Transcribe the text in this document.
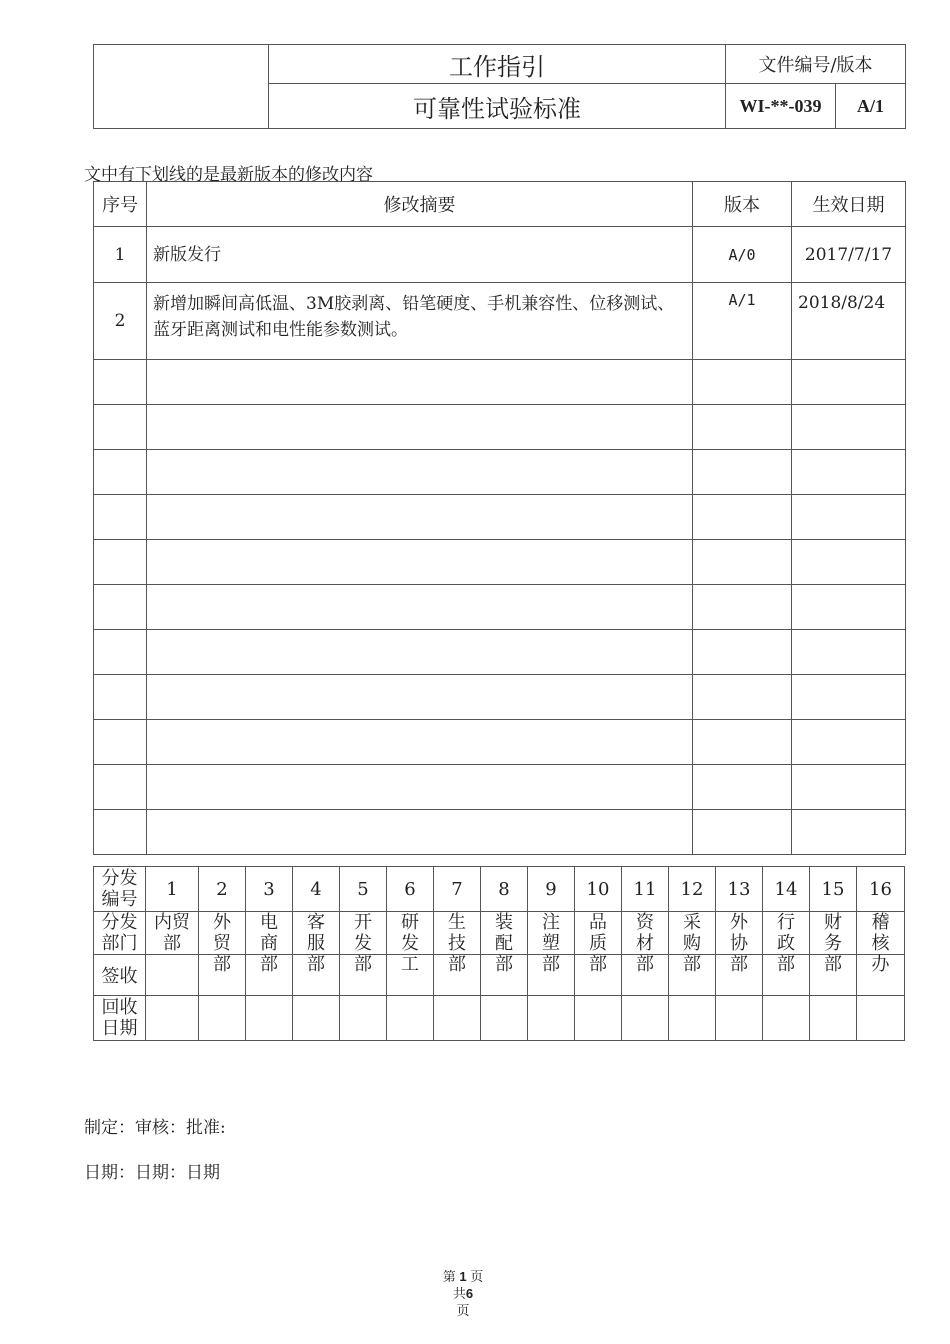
	工作指引	文件编号/版本	
	可靠性试验标准	WI-**-039	A/1
文中有下划线的是最新版本的修改内容
序号	修改摘要	版本	生效日期
1	新版发行	A/0	2017/7/17
2	新增加瞬间高低温、3M胶剥离、铅笔硬度、手机兼容性、位移测试、蓝牙距离测试和电性能参数测试。	A/1	2018/8/24

分发编号	1	2	3	4	5	6	7	8	9	10	11	12	13	14	15	16

分发部门	内贸部	外贸部	电商部	客服部	开发部	研发工	生技部	装配部	注塑部	品质部	资材部	采购部	外协部	行政部	财务部	稽核办

签收																
回收日期																
制定：审核：批准:
日期：日期：日期
第 1 页共6
页
